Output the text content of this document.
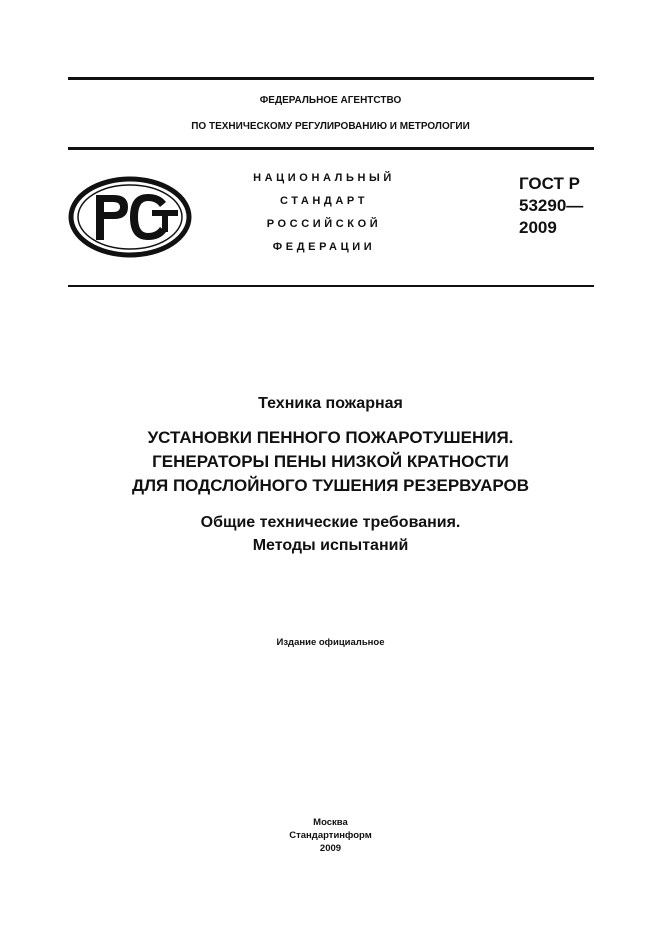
ФЕДЕРАЛЬНОЕ АГЕНТСТВО
ПО ТЕХНИЧЕСКОМУ РЕГУЛИРОВАНИЮ И МЕТРОЛОГИИ
РСТ	НАЦИОНАЛЬНЫЙ
СТАНДАРТ
РОССИЙСКОЙ
ФЕДЕРАЦИИ
ГОСТ Р
53290—
2009
Техника пожарная
УСТАНОВКИ ПЕННОГО ПОЖАРОТУШЕНИЯ.
ГЕНЕРАТОРЫ ПЕНЫ НИЗКОЙ КРАТНОСТИ
ДЛЯ ПОДСЛОЙНОГО ТУШЕНИЯ РЕЗЕРВУАРОВ
Общие технические требования.
Методы испытаний
Издание официальное
Москва
Стандартинформ
2009
